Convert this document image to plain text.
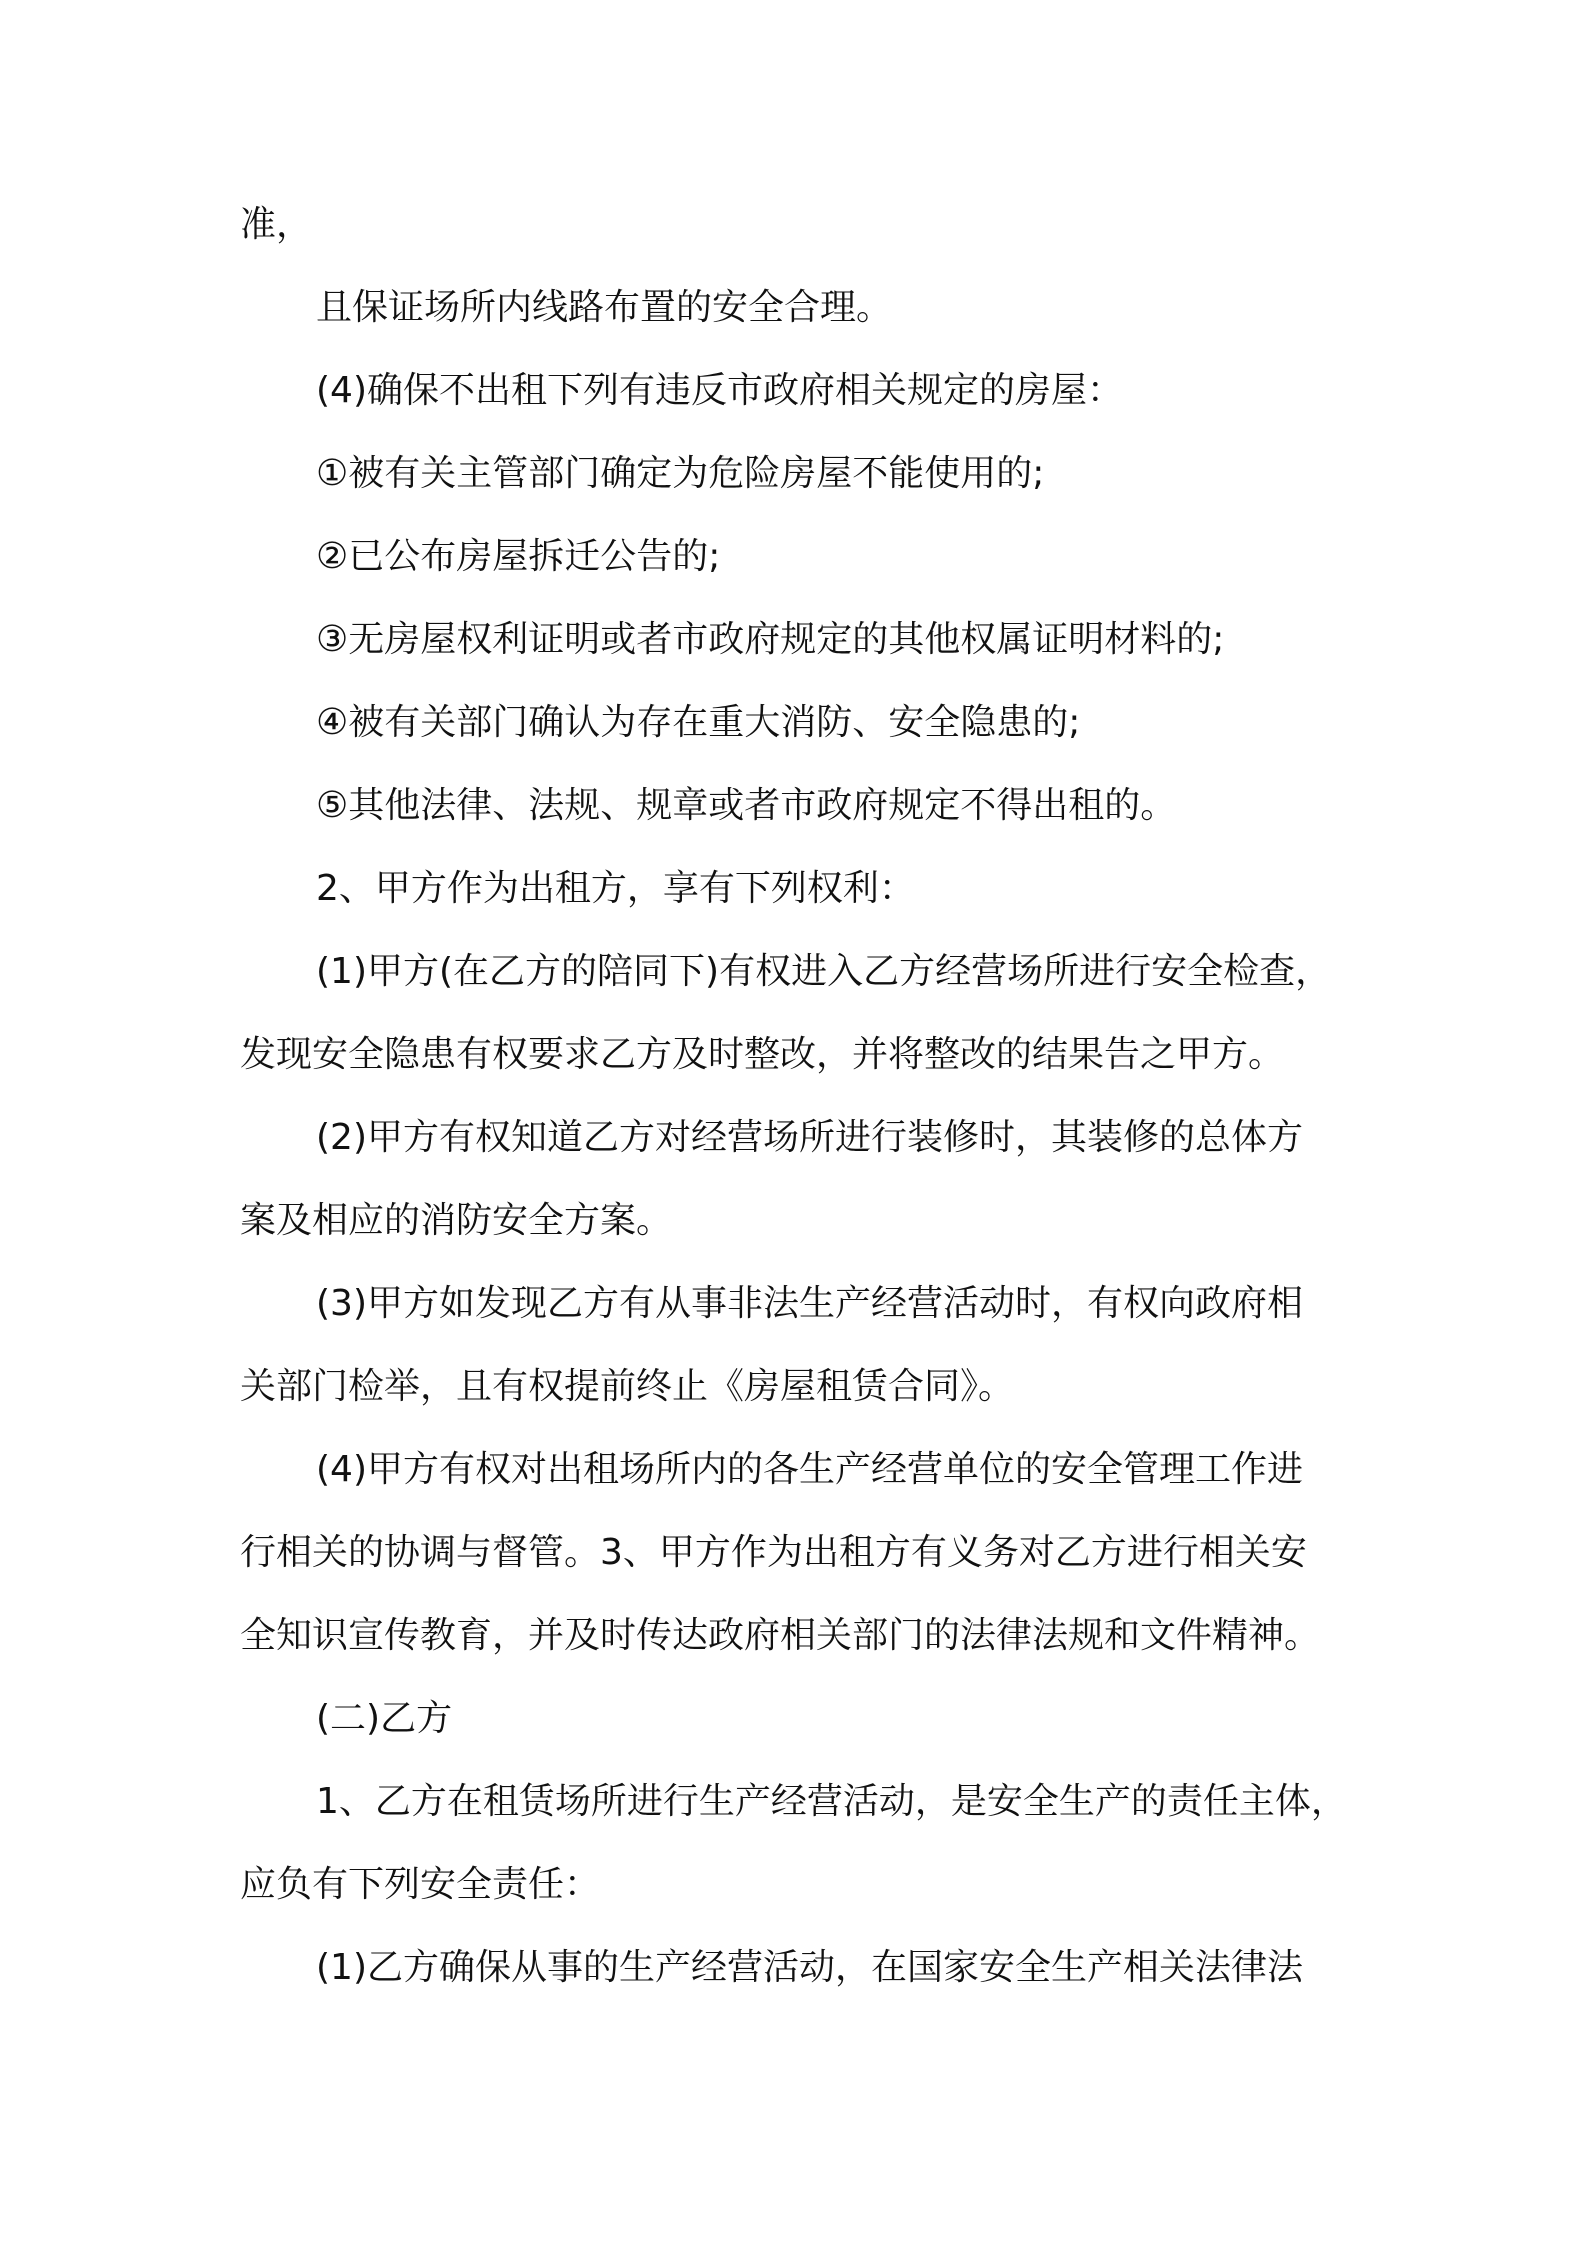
准，

且保证场所内线路布置的安全合理。

(4)确保不出租下列有违反市政府相关规定的房屋：

①被有关主管部门确定为危险房屋不能使用的;

②已公布房屋拆迁公告的;

③无房屋权利证明或者市政府规定的其他权属证明材料的;

④被有关部门确认为存在重大消防、安全隐患的;

⑤其他法律、法规、规章或者市政府规定不得出租的。

2、甲方作为出租方，享有下列权利：

(1)甲方(在乙方的陪同下)有权进入乙方经营场所进行安全检查，

发现安全隐患有权要求乙方及时整改，并将整改的结果告之甲方。

(2)甲方有权知道乙方对经营场所进行装修时，其装修的总体方

案及相应的消防安全方案。

(3)甲方如发现乙方有从事非法生产经营活动时，有权向政府相

关部门检举，且有权提前终止《房屋租赁合同》。

(4)甲方有权对出租场所内的各生产经营单位的安全管理工作进

行相关的协调与督管。3、甲方作为出租方有义务对乙方进行相关安

全知识宣传教育，并及时传达政府相关部门的法律法规和文件精神。

(二)乙方

1、乙方在租赁场所进行生产经营活动，是安全生产的责任主体，

应负有下列安全责任：

(1)乙方确保从事的生产经营活动，在国家安全生产相关法律法
